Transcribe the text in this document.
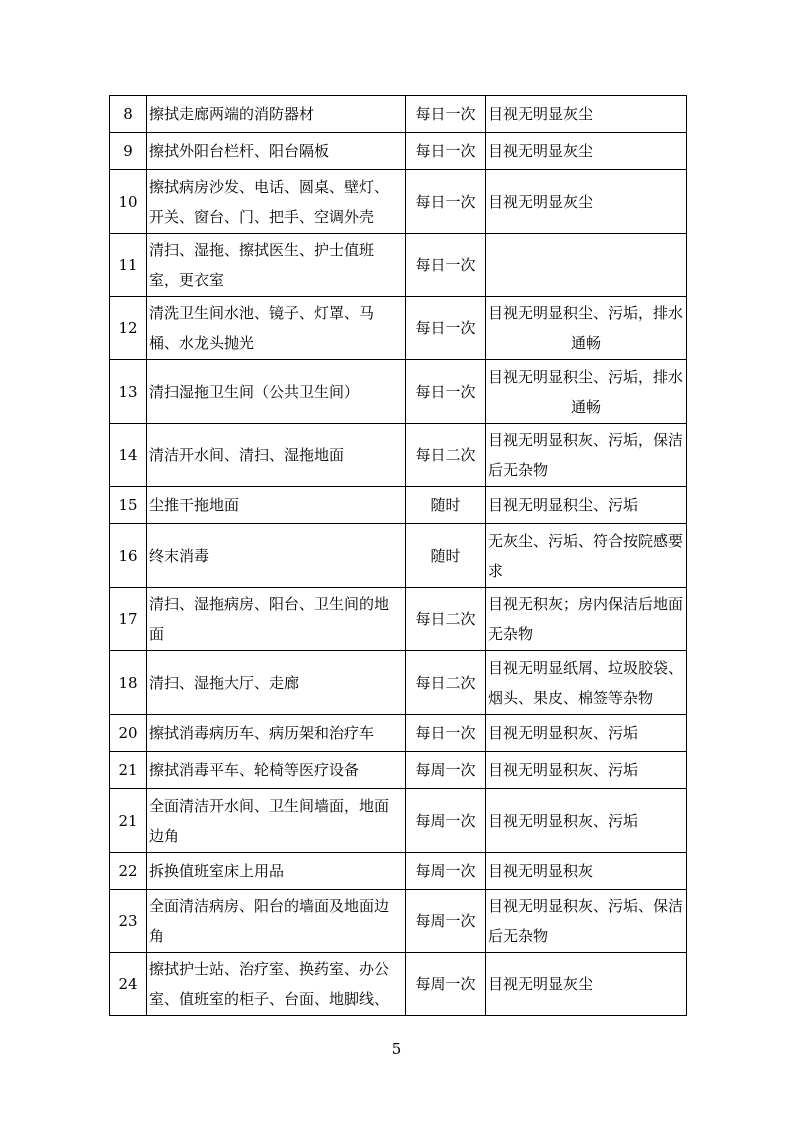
8	擦拭走廊两端的消防器材	每日一次	目视无明显灰尘
9	擦拭外阳台栏杆、阳台隔板	每日一次	目视无明显灰尘
10	擦拭病房沙发、电话、圆桌、壁灯、开关、窗台、门、把手、空调外壳	每日一次	目视无明显灰尘
11	清扫、湿拖、擦拭医生、护士值班室，更衣室	每日一次	
12	清洗卫生间水池、镜子、灯罩、马桶、水龙头抛光	每日一次	目视无明显积尘、污垢，排水
通畅

13	清扫湿拖卫生间（公共卫生间）	每日一次	目视无明显积尘、污垢，排水
通畅

14	清洁开水间、清扫、湿拖地面	每日二次	目视无明显积灰、污垢，保洁后无杂物
15	尘推干拖地面	随时	目视无明显积尘、污垢
16	终末消毒	随时	无灰尘、污垢、符合按院感要求
17	清扫、湿拖病房、阳台、卫生间的地面	每日二次	目视无积灰；房内保洁后地面无杂物
18	清扫、湿拖大厅、走廊	每日二次	目视无明显纸屑、垃圾胶袋、烟头、果皮、棉签等杂物
20	擦拭消毒病历车、病历架和治疗车	每日一次	目视无明显积灰、污垢
21	擦拭消毒平车、轮椅等医疗设备	每周一次	目视无明显积灰、污垢
21	全面清洁开水间、卫生间墙面，地面边角	每周一次	目视无明显积灰、污垢
22	拆换值班室床上用品	每周一次	目视无明显积灰
23	全面清洁病房、阳台的墙面及地面边角	每周一次	目视无明显积灰、污垢、保洁后无杂物
24	擦拭护士站、治疗室、换药室、办公室、值班室的柜子、台面、地脚线、	每周一次	目视无明显灰尘
5
